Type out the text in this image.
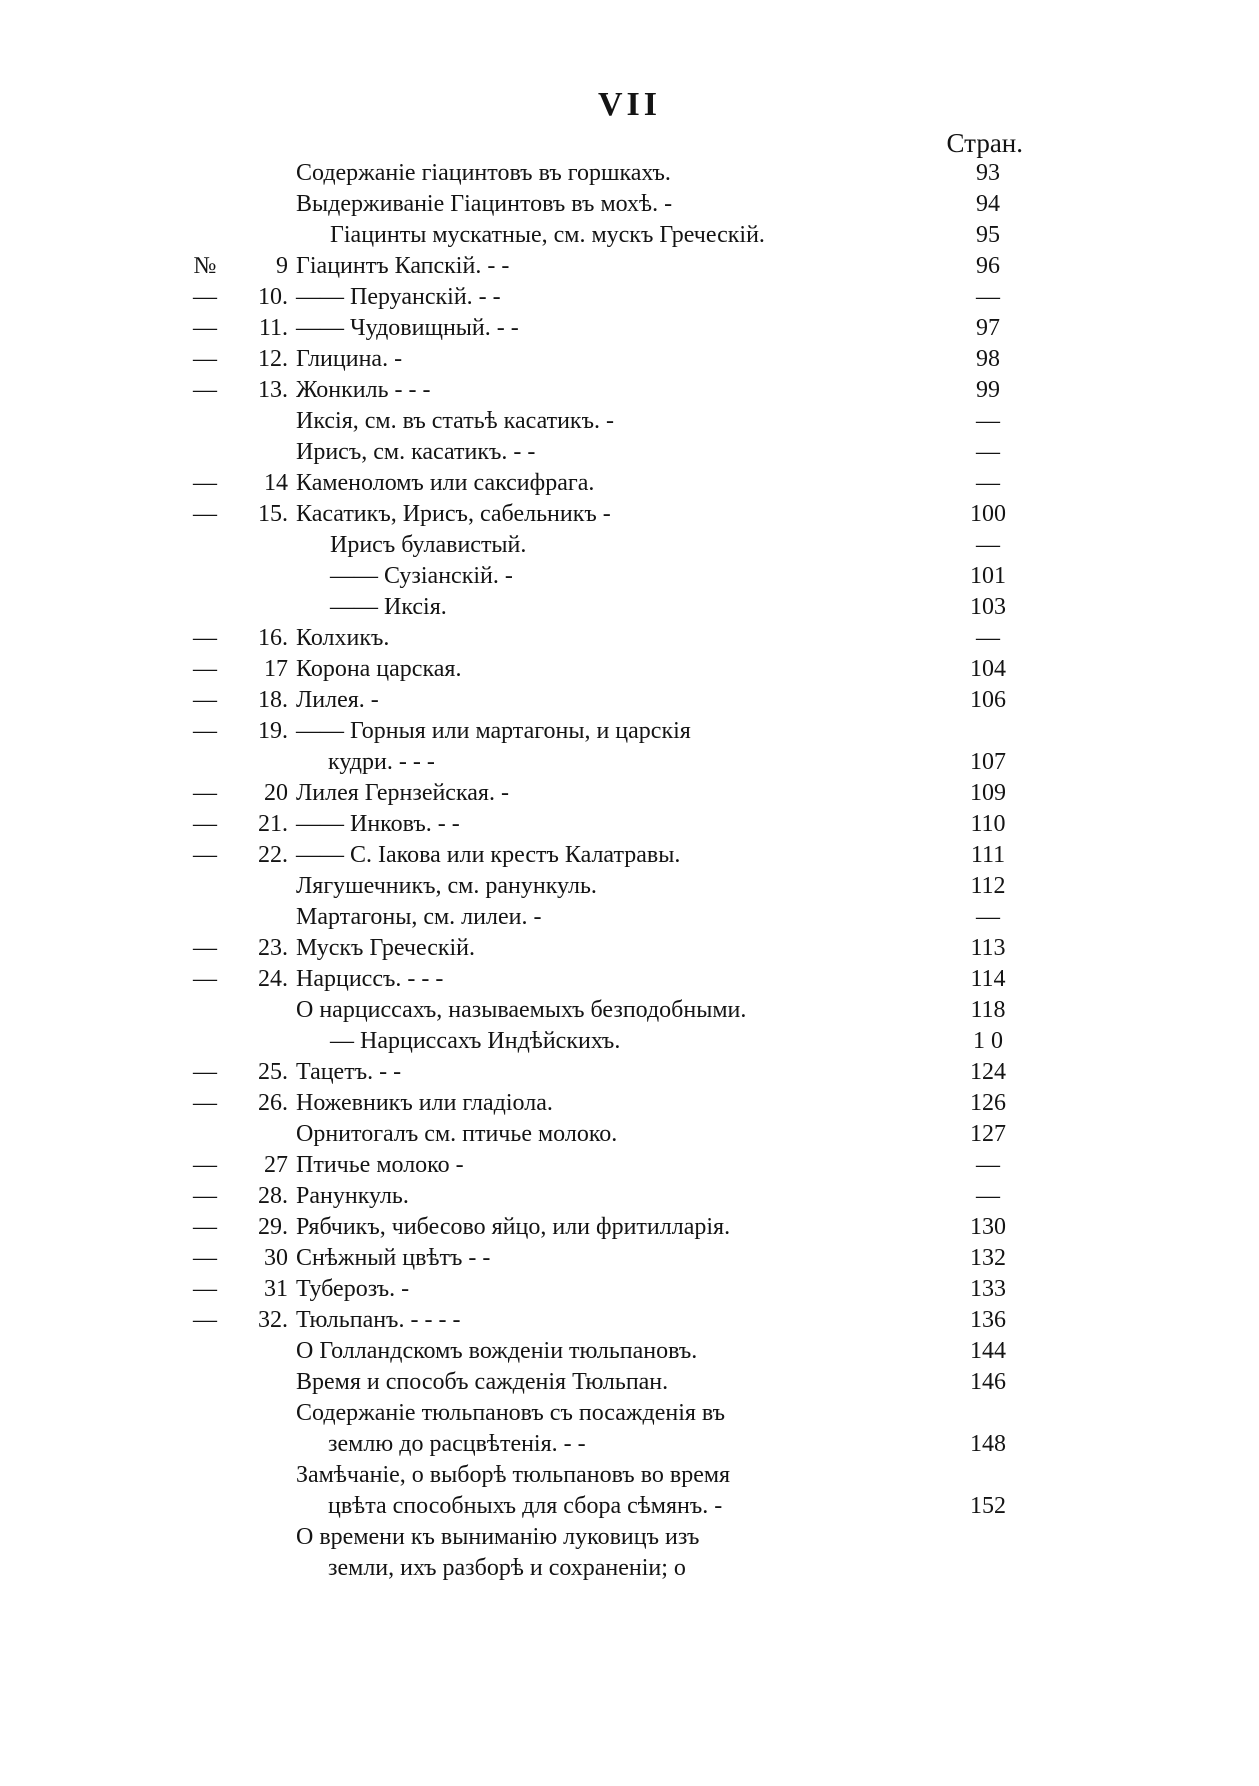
VII
Стран.
Содержаніе гіацинтовъ въ горшкахъ.	93
Выдерживаніе Гіацинтовъ въ мохѣ. -	94
Гіацинты мускатные, см. мускъ Греческій.	95
№	9 Гіацинтъ Капскій. - -	96
—	10. —— Перуанскій. - -	—
—	11. —— Чудовищный. - -	97
—	12. Глицина. -	98
—	13. Жонкиль - - -	99
Иксія, см. въ статьѣ касатикъ. -	—
Ирисъ, см. касатикъ. - -	—
—	14 Каменоломъ или саксифрага.	—
—	15. Касатикъ, Ирисъ, сабельникъ -	100
Ирисъ булавистый.	—
—— Сузіанскій. -	101
—— Иксія.	103
—	16. Колхикъ.	—
—	17 Корона царская.	104
—	18. Лилея. -	106
—	19. —— Горныя или мартагоны, и царскія
кудри. - - -	107
—	20 Лилея Гернзейская. -	109
—	21. —— Инковъ. - -	110
—	22. —— С. Іакова или крестъ Калатравы.	111
Лягушечникъ, см. ранункуль.	112
Мартагоны, см. лилеи. -	—
—	23. Мускъ Греческій.	113
—	24. Нарциссъ. - - -	114
О нарциссахъ, называемыхъ безподобными.	118
— Нарциссахъ Индѣйскихъ.	1 0
—	25. Тацетъ. - -	124
—	26. Ножевникъ или гладіола.	126
Орнитогалъ см. птичье молоко.	127
—	27 Птичье молоко -	—
—	28. Ранункуль.	—
—	29. Рябчикъ, чибесово яйцо, или фритилларія.	130
—	30 Снѣжный цвѣтъ - -	132
—	31 Туберозъ. -	133
—	32. Тюльпанъ. - - - -	136
О Голландскомъ вожденіи тюльпановъ.	144
Время и способъ сажденія Тюльпан.	146
Содержаніе тюльпановъ съ посажденія въ
землю до расцвѣтенія. - -	148
Замѣчаніе, о выборѣ тюльпановъ во время
цвѣта способныхъ для сбора сѣмянъ. -	152
О времени къ выниманію луковицъ изъ
земли, ихъ разборѣ и сохраненіи; о
